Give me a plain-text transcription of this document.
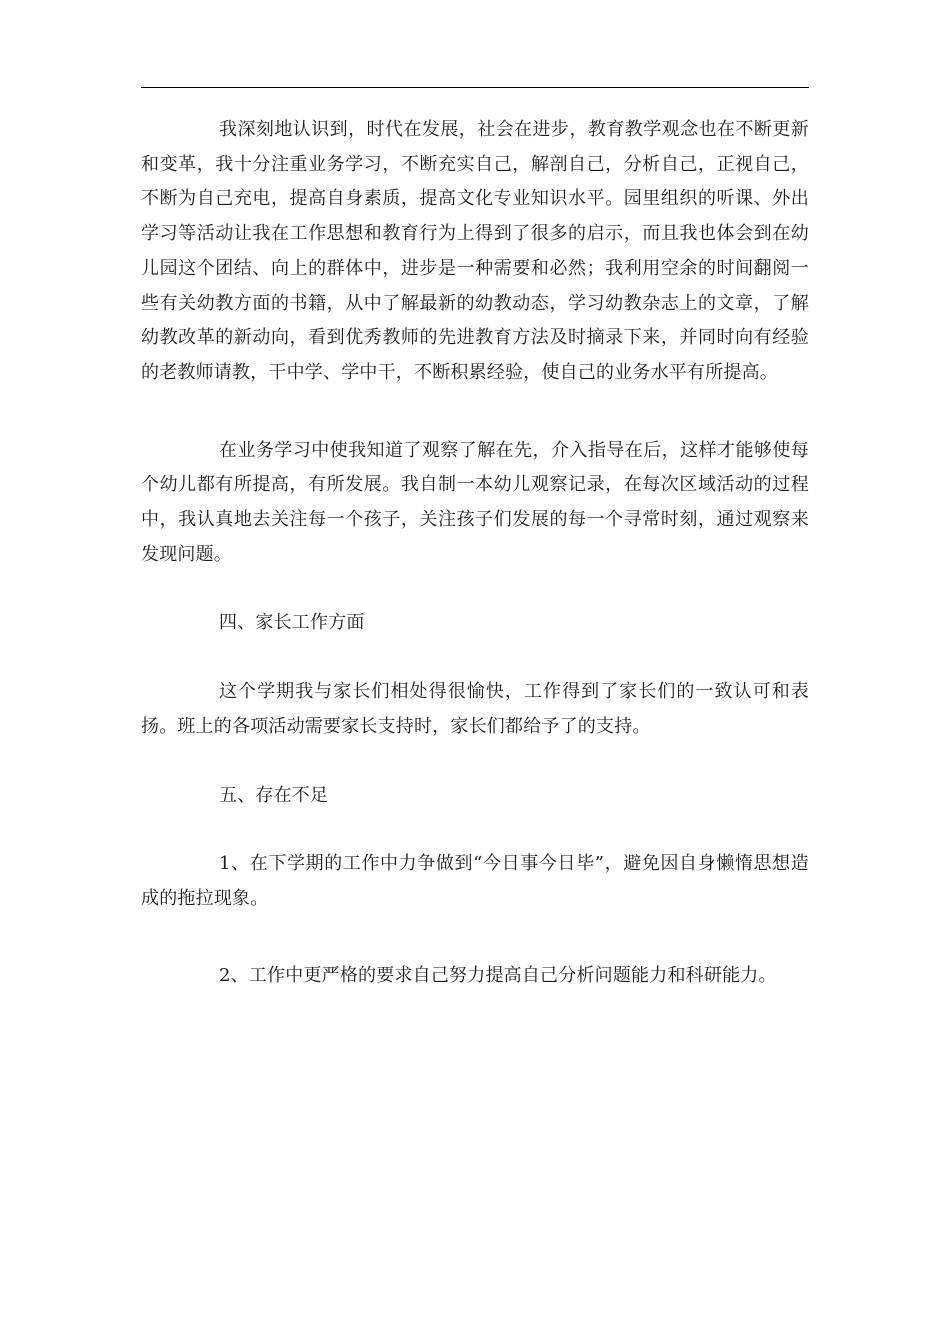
我深刻地认识到，时代在发展，社会在进步，教育教学观念也在不断更新和变革，我十分注重业务学习，不断充实自己，解剖自己，分析自己，正视自己，不断为自己充电，提高自身素质，提高文化专业知识水平。园里组织的听课、外出学习等活动让我在工作思想和教育行为上得到了很多的启示，而且我也体会到在幼儿园这个团结、向上的群体中，进步是一种需要和必然；我利用空余的时间翻阅一些有关幼教方面的书籍，从中了解最新的幼教动态，学习幼教杂志上的文章，了解幼教改革的新动向，看到优秀教师的先进教育方法及时摘录下来，并同时向有经验的老教师请教，干中学、学中干，不断积累经验，使自己的业务水平有所提高。

在业务学习中使我知道了观察了解在先，介入指导在后，这样才能够使每个幼儿都有所提高，有所发展。我自制一本幼儿观察记录，在每次区域活动的过程中，我认真地去关注每一个孩子，关注孩子们发展的每一个寻常时刻，通过观察来发现问题。

四、家长工作方面

这个学期我与家长们相处得很愉快，工作得到了家长们的一致认可和表扬。班上的各项活动需要家长支持时，家长们都给予了的支持。

五、存在不足

1、在下学期的工作中力争做到“今日事今日毕”，避免因自身懒惰思想造成的拖拉现象。

2、工作中更严格的要求自己努力提高自己分析问题能力和科研能力。
